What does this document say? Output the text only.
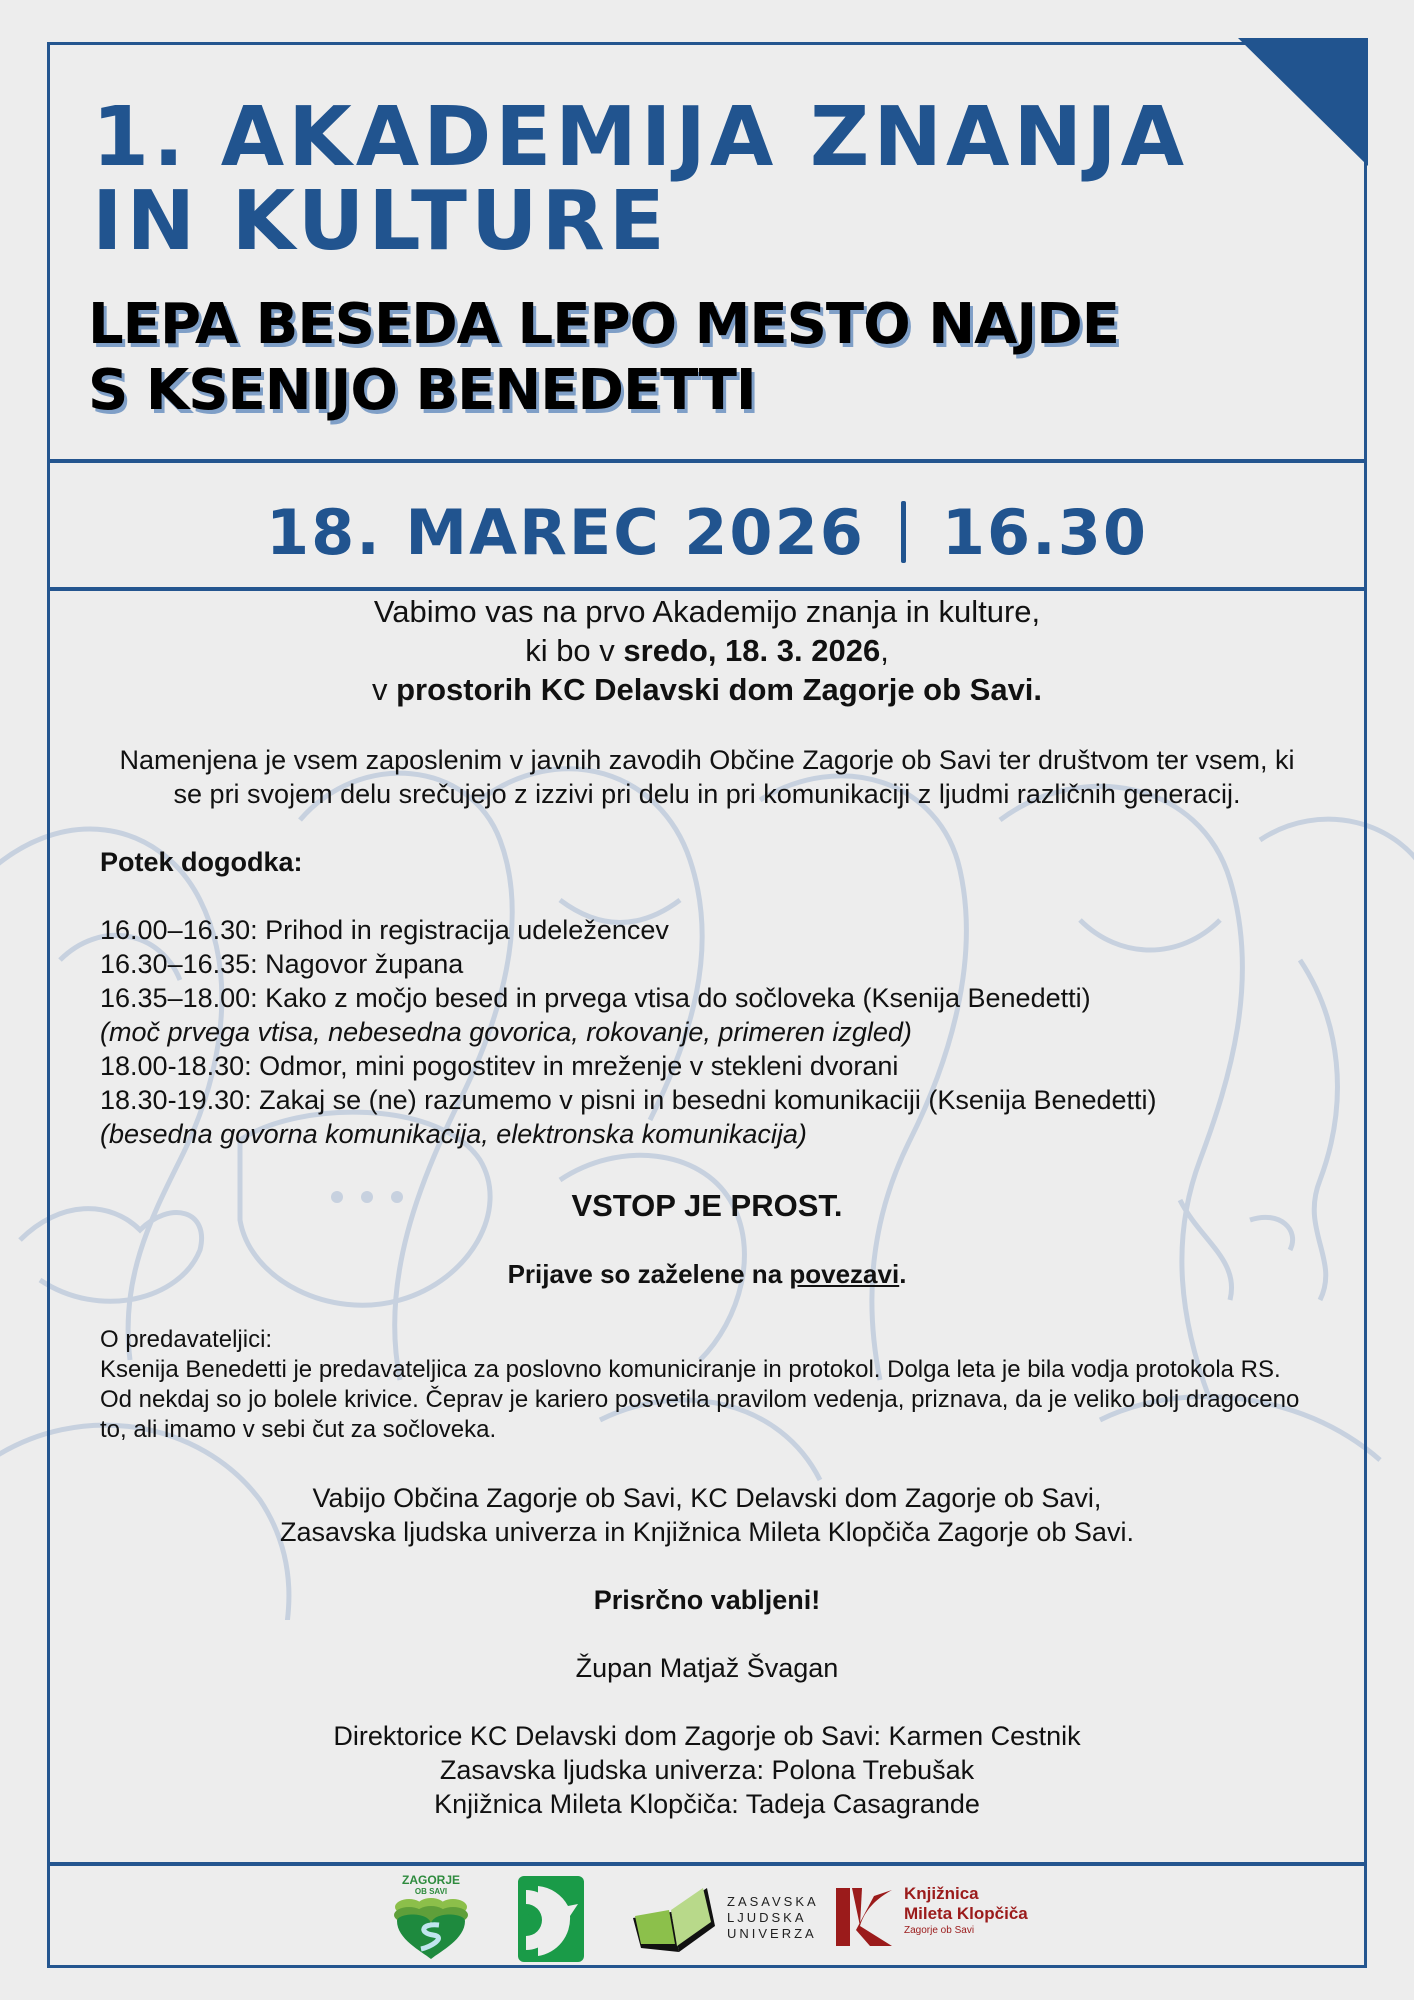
1. AKADEMIJA ZNANJA
IN KULTURE
LEPA BESEDA LEPO MESTO NAJDE
S KSENIJO BENEDETTI
18. MAREC 2026 16.30

Vabimo vas na prvo Akademijo znanja in kulture,

ki bo v sredo, 18. 3. 2026,

v prostorih KC Delavski dom Zagorje ob Savi.

Namenjena je vsem zaposlenim v javnih zavodih Občine Zagorje ob Savi ter društvom ter vsem, ki se pri svojem delu srečujejo z izzivi pri delu in pri komunikaciji z ljudmi različnih generacij.

Potek dogodka:

16.00–16.30: Prihod in registracija udeležencev

16.30–16.35: Nagovor župana

16.35–18.00: Kako z močjo besed in prvega vtisa do sočloveka (Ksenija Benedetti)

(moč prvega vtisa, nebesedna govorica, rokovanje, primeren izgled)

18.00-18.30: Odmor, mini pogostitev in mreženje v stekleni dvorani

18.30-19.30: Zakaj se (ne) razumemo v pisni in besedni komunikaciji (Ksenija Benedetti)

(besedna govorna komunikacija, elektronska komunikacija)

VSTOP JE PROST.

Prijave so zaželene na povezavi.

O predavateljici:

Ksenija Benedetti je predavateljica za poslovno komuniciranje in protokol. Dolga leta je bila vodja protokola RS. Od nekdaj so jo bolele krivice. Čeprav je kariero posvetila pravilom vedenja, priznava, da je veliko bolj dragoceno to, ali imamo v sebi čut za sočloveka.

Vabijo Občina Zagorje ob Savi, KC Delavski dom Zagorje ob Savi,

Zasavska ljudska univerza in Knjižnica Mileta Klopčiča Zagorje ob Savi.

Prisrčno vabljeni!

Župan Matjaž Švagan

Direktorice KC Delavski dom Zagorje ob Savi: Karmen Cestnik

Zasavska ljudska univerza: Polona Trebušak

Knjižnica Mileta Klopčiča: Tadeja Casagrande

ZAGORJE
OB SAVI
ZASAVSKA
LJUDSKA
UNIVERZA
Knjižnica
Mileta Klopčiča
Zagorje ob Savi
